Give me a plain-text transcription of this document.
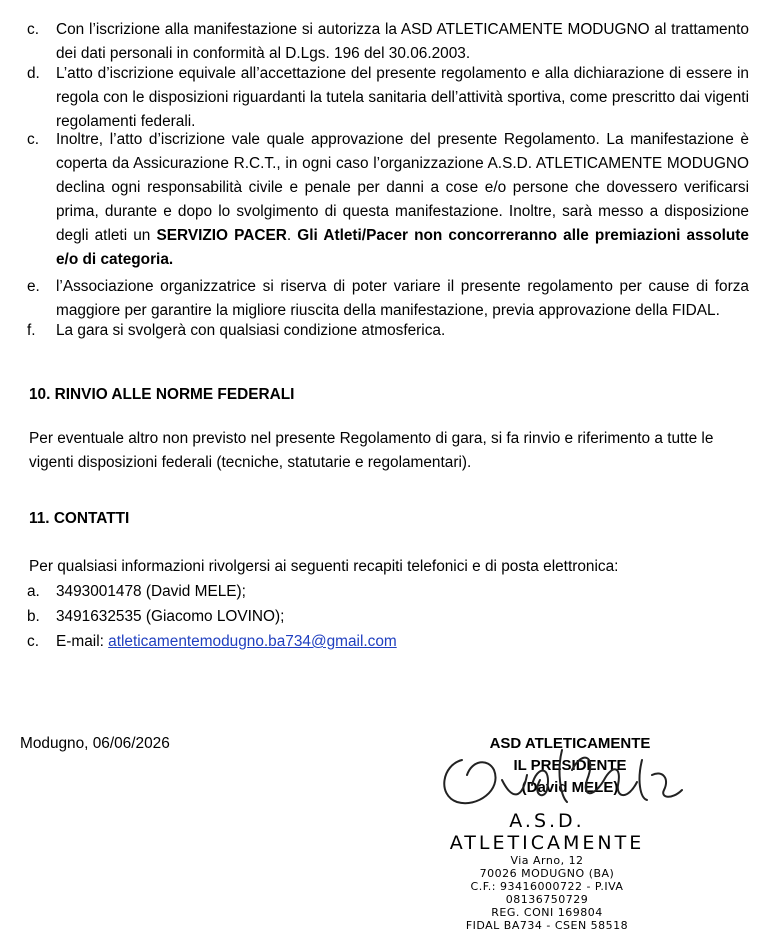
c.	Con l’iscrizione alla manifestazione si autorizza la ASD ATLETICAMENTE MODUGNO al trattamento dei dati personali in conformità al D.Lgs. 196 del 30.06.2003.
d.	L’atto d’iscrizione equivale all’accettazione del presente regolamento e alla dichiarazione di essere in regola con le disposizioni riguardanti la tutela sanitaria dell’attività sportiva, come prescritto dai vigenti regolamenti federali.
c.	Inoltre, l’atto d’iscrizione vale quale approvazione del presente Regolamento. La manifestazione è coperta da Assicurazione R.C.T., in ogni caso l’organizzazione A.S.D. ATLETICAMENTE MODUGNO declina ogni responsabilità civile e penale per danni a cose e/o persone che dovessero verificarsi prima, durante e dopo lo svolgimento di questa manifestazione. Inoltre, sarà messo a disposizione degli atleti un SERVIZIO PACER. Gli Atleti/Pacer non concorreranno alle premiazioni assolute e/o di categoria.
e.	l’Associazione organizzatrice si riserva di poter variare il presente regolamento per cause di forza maggiore per garantire la migliore riuscita della manifestazione, previa approvazione della FIDAL.
f.	La gara si svolgerà con qualsiasi condizione atmosferica.
10. RINVIO ALLE NORME FEDERALI
Per eventuale altro non previsto nel presente Regolamento di gara, si fa rinvio e riferimento a tutte le vigenti disposizioni federali (tecniche, statutarie e regolamentari).
11. CONTATTI
Per qualsiasi informazioni rivolgersi ai seguenti recapiti telefonici e di posta elettronica:
a. 3493001478 (David MELE);
b. 3491632535 (Giacomo LOVINO);
c. E-mail: atleticamentemodugno.ba734@gmail.com
Modugno, 06/06/2026	ASD ATLETICAMENTE
IL PRESIDENTE
(David MELE)
A.S.D. ATLETICAMENTE
Via Arno, 12
70026 MODUGNO (BA)
C.F.: 93416000722 - P.IVA 08136750729
REG. CONI 169804
FIDAL BA734 - CSEN 58518
